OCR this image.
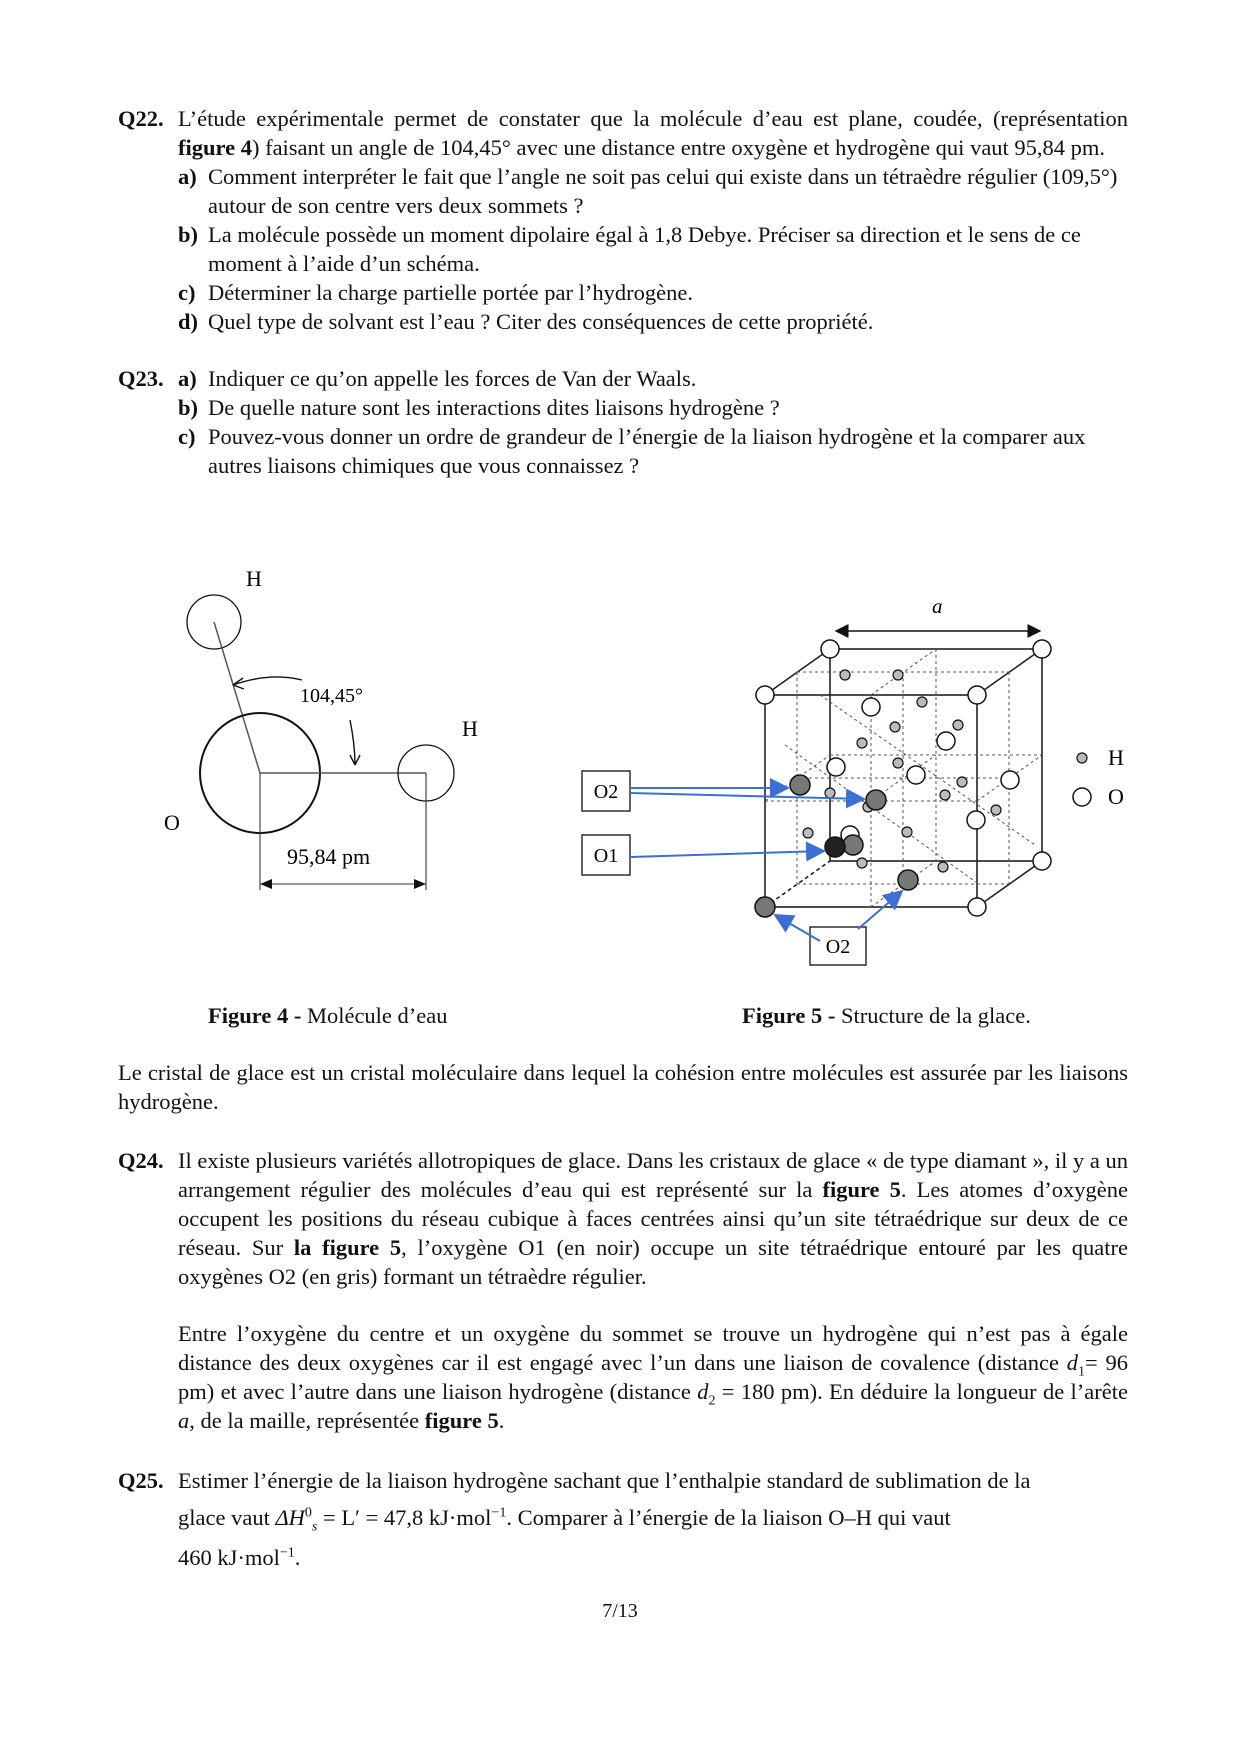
Q22. L’étude expérimentale permet de constater que la molécule d’eau est plane, coudée, (représentation figure 4) faisant un angle de 104,45° avec une distance entre oxygène et hydrogène qui vaut 95,84 pm.
a) Comment interpréter le fait que l’angle ne soit pas celui qui existe dans un tétraèdre régulier (109,5°) autour de son centre vers deux sommets ?
b) La molécule possède un moment dipolaire égal à 1,8 Debye. Préciser sa direction et le sens de ce moment à l’aide d’un schéma.
c) Déterminer la charge partielle portée par l’hydrogène.
d) Quel type de solvant est l’eau ? Citer des conséquences de cette propriété.
Q23. a) Indiquer ce qu’on appelle les forces de Van der Waals.
b) De quelle nature sont les interactions dites liaisons hydrogène ?
c) Pouvez-vous donner un ordre de grandeur de l’énergie de la liaison hydrogène et la comparer aux autres liaisons chimiques que vous connaissez ?
H
H
O
104,45°
95,84 pm
Figure 4 - Molécule d’eau
a
O2
O1
O2
H
O
Figure 5 - Structure de la glace.
Le cristal de glace est un cristal moléculaire dans lequel la cohésion entre molécules est assurée par les liaisons hydrogène.
Q24. Il existe plusieurs variétés allotropiques de glace. Dans les cristaux de glace « de type diamant », il y a un arrangement régulier des molécules d’eau qui est représenté sur la figure 5. Les atomes d’oxygène occupent les positions du réseau cubique à faces centrées ainsi qu’un site tétraédrique sur deux de ce réseau. Sur la figure 5, l’oxygène O1 (en noir) occupe un site tétraédrique entouré par les quatre oxygènes O2 (en gris) formant un tétraèdre régulier.
Entre l’oxygène du centre et un oxygène du sommet se trouve un hydrogène qui n’est pas à égale distance des deux oxygènes car il est engagé avec l’un dans une liaison de covalence (distance $d_1= 96$ pm) et avec l’autre dans une liaison hydrogène (distance $d_2 = 180$ pm). En déduire la longueur de l’arête a, de la maille, représentée figure 5.
Q25. Estimer l’énergie de la liaison hydrogène sachant que l’enthalpie standard de sublimation de la
glace vaut $\Delta H^0_s = L' = 47,8$ kJ·mol$^{-1}$. Comparer à l’énergie de la liaison O–H qui vaut
460 kJ·mol$^{-1}$.
7/13
